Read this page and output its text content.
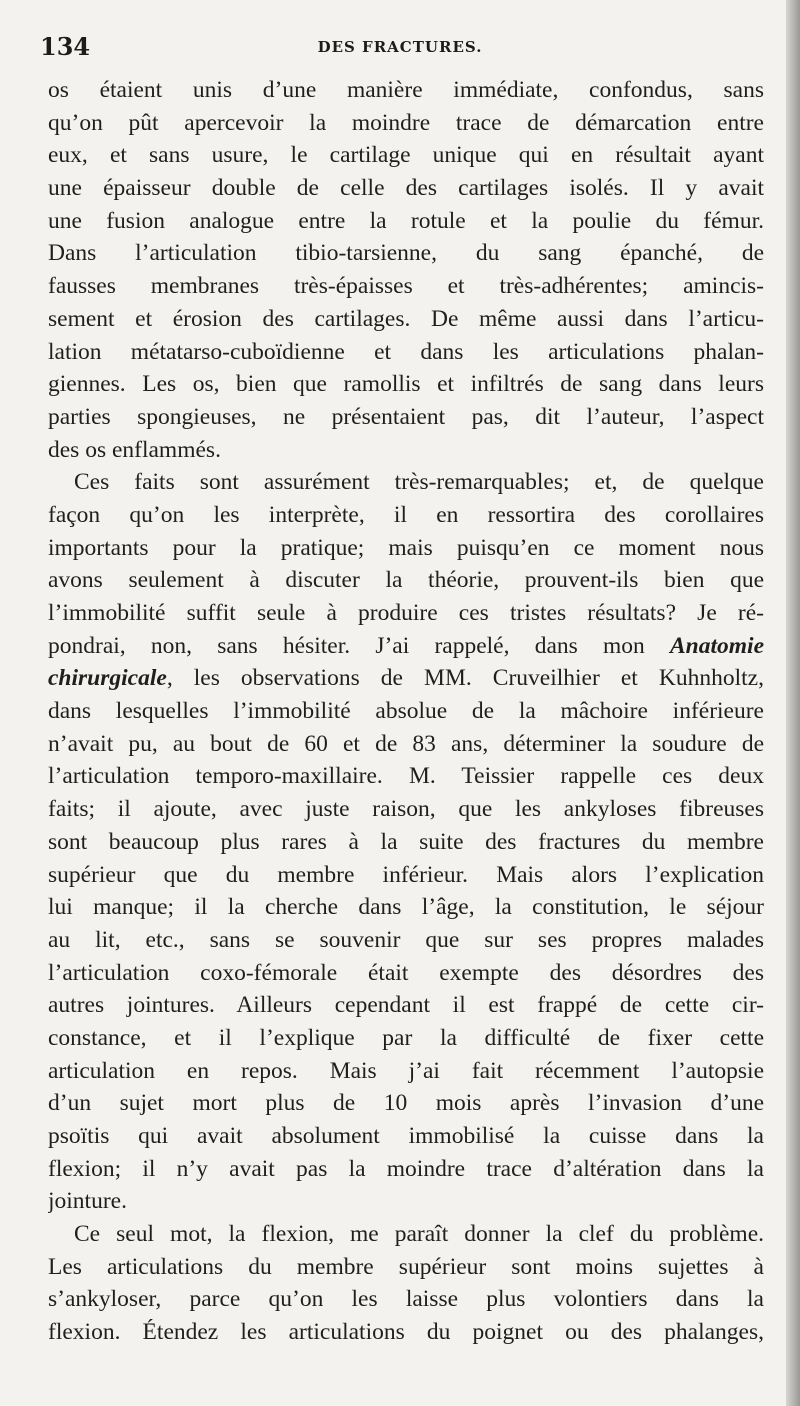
134	DES FRACTURES.
os étaient unis d’une manière immédiate, confondus, sans
qu’on pût apercevoir la moindre trace de démarcation entre
eux, et sans usure, le cartilage unique qui en résultait ayant
une épaisseur double de celle des cartilages isolés. Il y avait
une fusion analogue entre la rotule et la poulie du fémur.
Dans l’articulation tibio-tarsienne, du sang épanché, de
fausses membranes très-épaisses et très-adhérentes; amincis-
sement et érosion des cartilages. De même aussi dans l’articu-
lation métatarso-cuboïdienne et dans les articulations phalan-
giennes. Les os, bien que ramollis et infiltrés de sang dans leurs
parties spongieuses, ne présentaient pas, dit l’auteur, l’aspect
des os enflammés.
Ces faits sont assurément très-remarquables; et, de quelque
façon qu’on les interprète, il en ressortira des corollaires
importants pour la pratique; mais puisqu’en ce moment nous
avons seulement à discuter la théorie, prouvent-ils bien que
l’immobilité suffit seule à produire ces tristes résultats? Je ré-
pondrai, non, sans hésiter. J’ai rappelé, dans mon Anatomie
chirurgicale, les observations de MM. Cruveilhier et Kuhnholtz,
dans lesquelles l’immobilité absolue de la mâchoire inférieure
n’avait pu, au bout de 60 et de 83 ans, déterminer la soudure de
l’articulation temporo-maxillaire. M. Teissier rappelle ces deux
faits; il ajoute, avec juste raison, que les ankyloses fibreuses
sont beaucoup plus rares à la suite des fractures du membre
supérieur que du membre inférieur. Mais alors l’explication
lui manque; il la cherche dans l’âge, la constitution, le séjour
au lit, etc., sans se souvenir que sur ses propres malades
l’articulation coxo-fémorale était exempte des désordres des
autres jointures. Ailleurs cependant il est frappé de cette cir-
constance, et il l’explique par la difficulté de fixer cette
articulation en repos. Mais j’ai fait récemment l’autopsie
d’un sujet mort plus de 10 mois après l’invasion d’une
psoïtis qui avait absolument immobilisé la cuisse dans la
flexion; il n’y avait pas la moindre trace d’altération dans la
jointure.
Ce seul mot, la flexion, me paraît donner la clef du problème.
Les articulations du membre supérieur sont moins sujettes à
s’ankyloser, parce qu’on les laisse plus volontiers dans la
flexion. Étendez les articulations du poignet ou des phalanges,
